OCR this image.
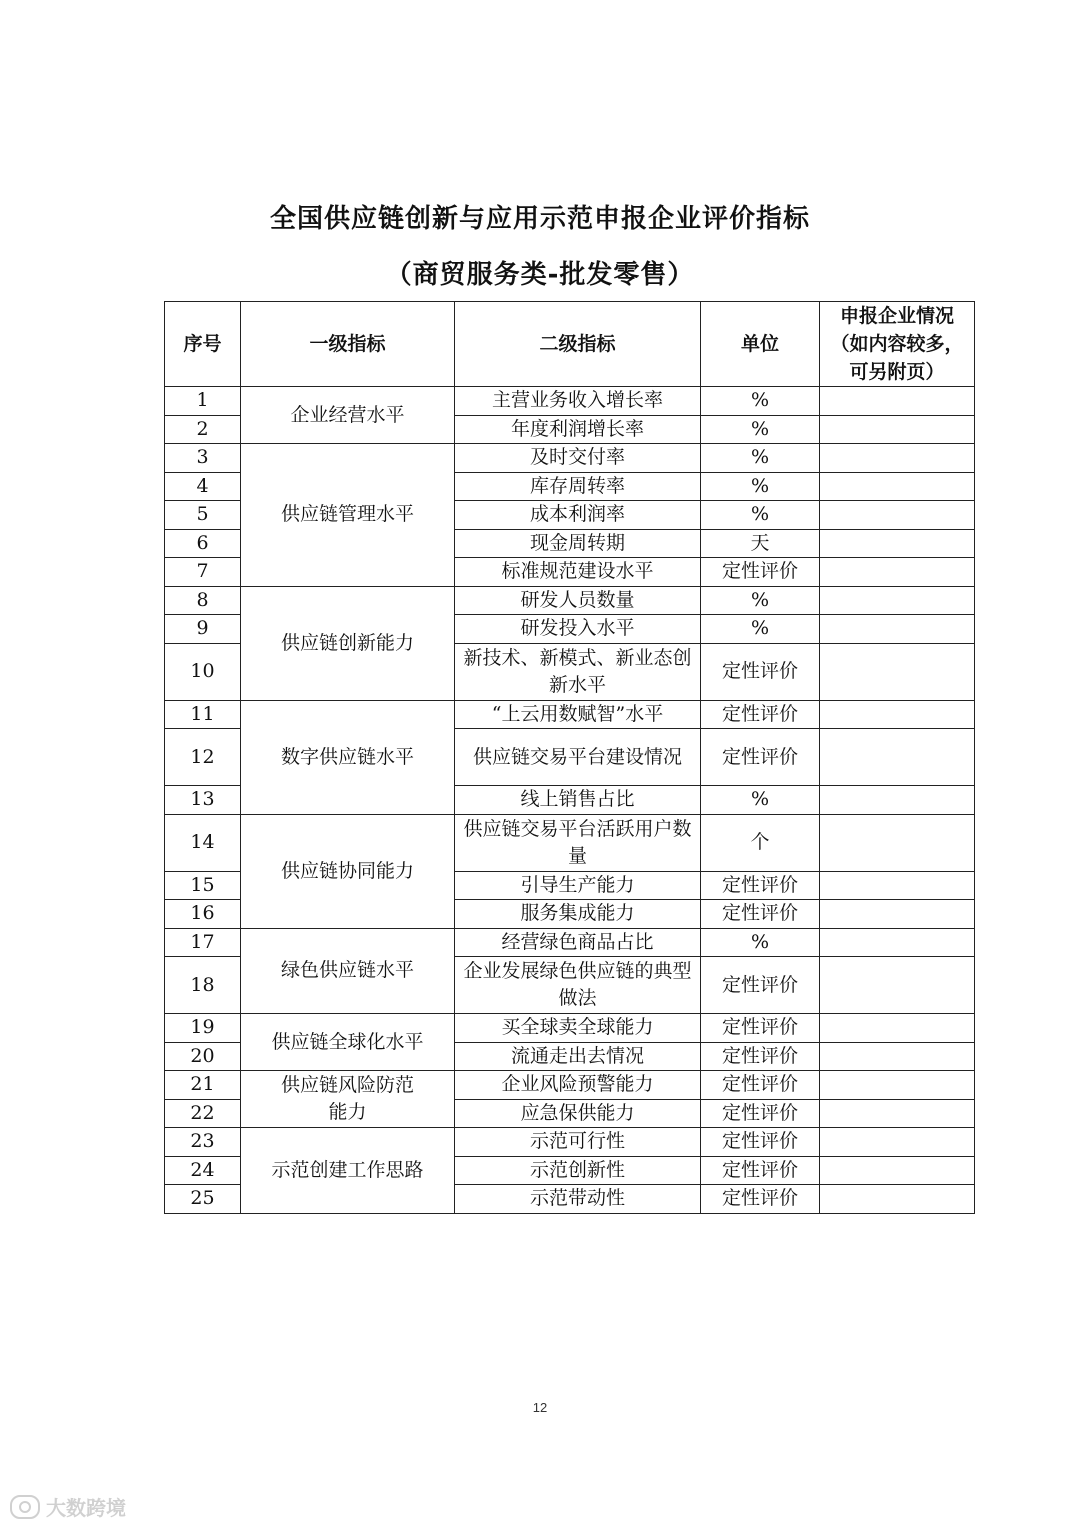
全国供应链创新与应用示范申报企业评价指标
（商贸服务类-批发零售）
序号	一级指标	二级指标	单位	申报企业情况（如内容较多，可另附页）
1	企业经营水平	主营业务收入增长率	%	
2		年度利润增长率	%	
3	供应链管理水平	及时交付率	%	
4		库存周转率	%	
5		成本利润率	%	
6		现金周转期	天	
7		标准规范建设水平	定性评价	
8	供应链创新能力	研发人员数量	%	
9		研发投入水平	%	
10		新技术、新模式、新业态创新水平	定性评价	
11	数字供应链水平	“上云用数赋智”水平	定性评价	
12		供应链交易平台建设情况	定性评价	
13		线上销售占比	%	
14	供应链协同能力	供应链交易平台活跃用户数量	个	
15		引导生产能力	定性评价	
16		服务集成能力	定性评价	
17	绿色供应链水平	经营绿色商品占比	%	
18		企业发展绿色供应链的典型做法	定性评价	
19	供应链全球化水平	买全球卖全球能力	定性评价	
20		流通走出去情况	定性评价	
21	供应链风险防范能力	企业风险预警能力	定性评价	
22		应急保供能力	定性评价	
23	示范创建工作思路	示范可行性	定性评价	
24		示范创新性	定性评价	
25		示范带动性	定性评价	
12
大数跨境
